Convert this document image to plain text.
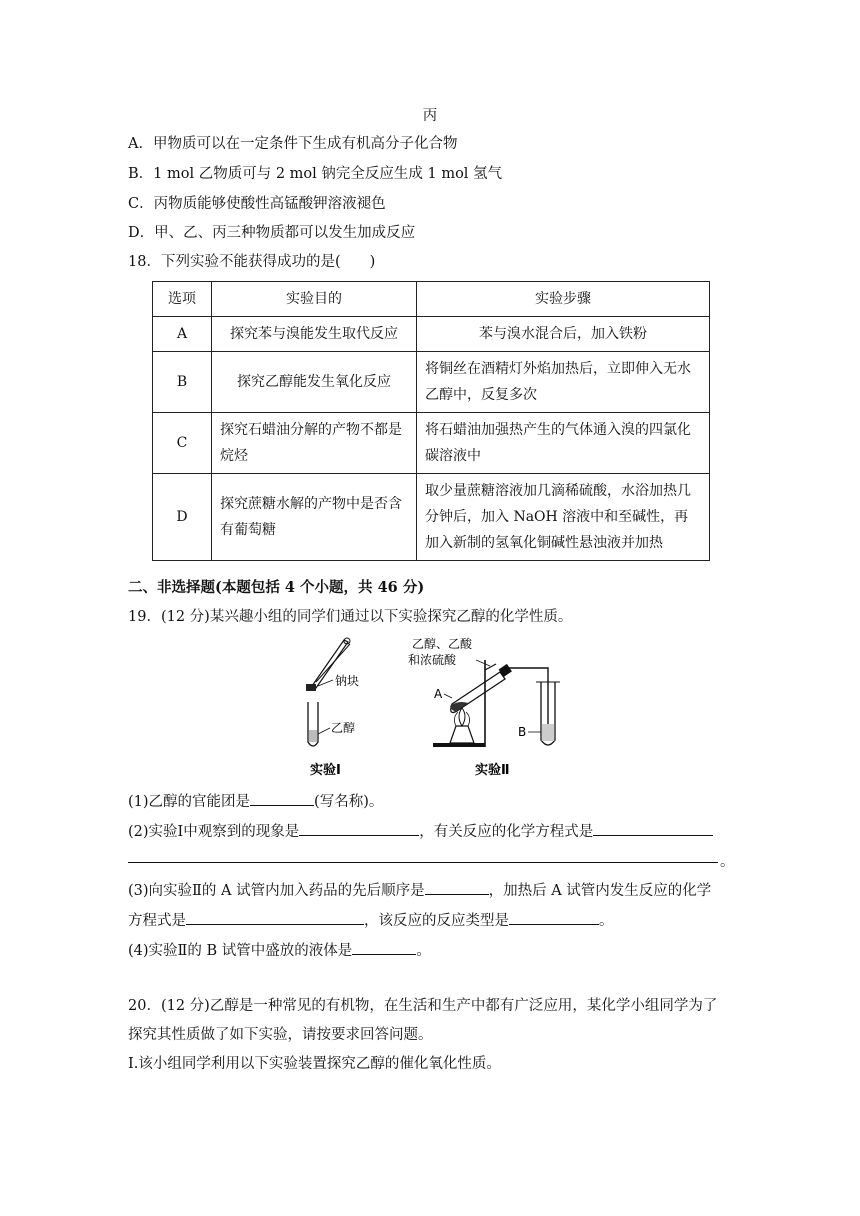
丙
A．甲物质可以在一定条件下生成有机高分子化合物
B．1 mol 乙物质可与 2 mol 钠完全反应生成 1 mol 氢气
C．丙物质能够使酸性高锰酸钾溶液褪色
D．甲、乙、丙三种物质都可以发生加成反应
18．下列实验不能获得成功的是(　　)
选项	实验目的	实验步骤
A	探究苯与溴能发生取代反应	苯与溴水混合后，加入铁粉
B	探究乙醇能发生氧化反应	将铜丝在酒精灯外焰加热后，立即伸入无水乙醇中，反复多次
C	探究石蜡油分解的产物不都是烷烃	将石蜡油加强热产生的气体通入溴的四氯化碳溶液中
D	探究蔗糖水解的产物中是否含有葡萄糖	取少量蔗糖溶液加几滴稀硫酸，水浴加热几分钟后，加入 NaOH 溶液中和至碱性，再加入新制的氢氧化铜碱性悬浊液并加热
二、非选择题(本题包括 4 个小题，共 46 分)
19．(12 分)某兴趣小组的同学们通过以下实验探究乙醇的化学性质。
钠块
乙醇
实验Ⅰ
乙醇、乙酸
和浓硫酸
A
B
实验Ⅱ
(1)乙醇的官能团是	(写名称)。
(2)实验Ⅰ中观察到的现象是	，有关反应的化学方程式是
。
(3)向实验Ⅱ的 A 试管内加入药品的先后顺序是	，加热后 A 试管内发生反应的化学
方程式是	，该反应的反应类型是	。
(4)实验Ⅱ的 B 试管中盛放的液体是	。
20．(12 分)乙醇是一种常见的有机物，在生活和生产中都有广泛应用，某化学小组同学为了
探究其性质做了如下实验，请按要求回答问题。
Ⅰ.该小组同学利用以下实验装置探究乙醇的催化氧化性质。
